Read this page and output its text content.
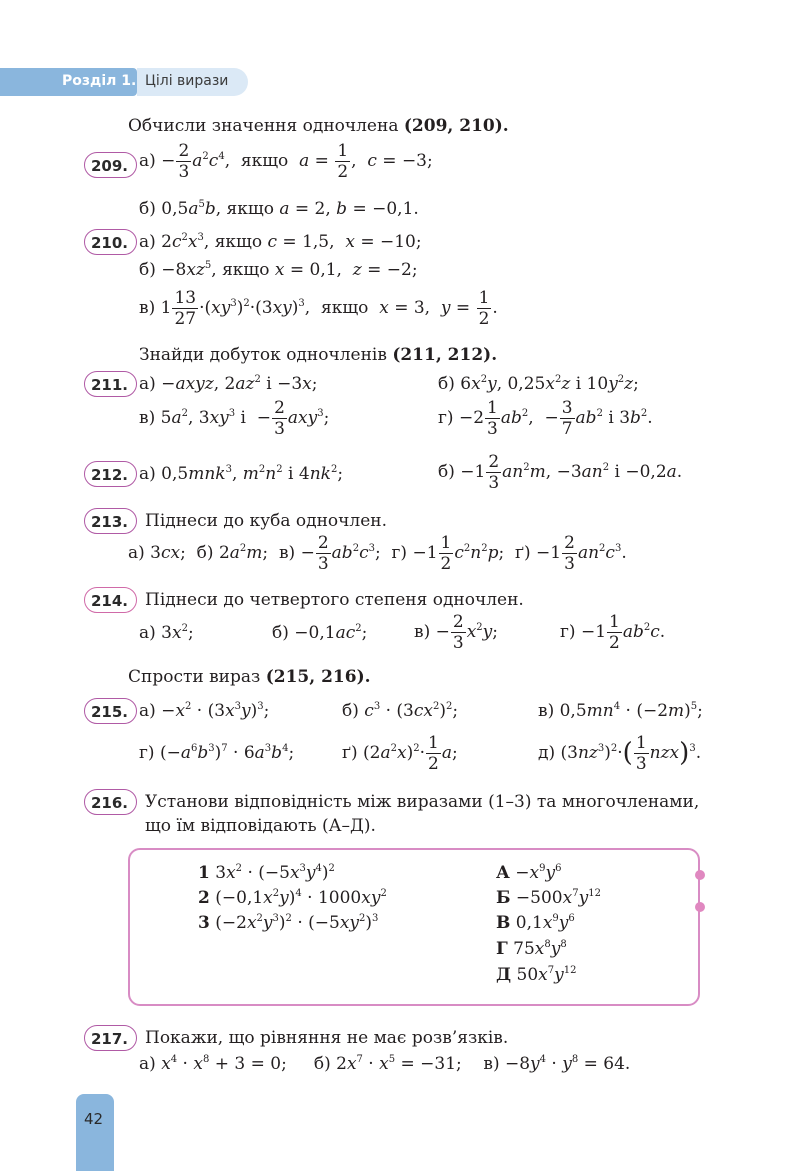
Розділ 1. Цілі вирази
Обчисли значення одночлена (209, 210).
209. $а) - \frac{2}{3} a^2c^4$,  якщо  $a = \frac{1}{2}$ ,  c = −3;
б) $0,5a^5b$, якщо a = 2, b = −0,1.
210. а) $2c^2x^3$, якщо c = 1,5,  x = −10;
$б) -8xz^5$, якщо x = 0,1,  z = −2;
в) $1 \frac{13}{27} \cdot(xy^3)^2\cdot(3xy)^3$,  якщо  x = 3,  $y = \frac{1}{2}$ .
Знайди добуток одночленів (211, 212).
211. а) −axyz, $2az^2$ і −3x;	б) $6x^2y$, $0,25x^2z$ і $10y^2z$;
в) $5a^2$, $3xy^3$ $і - \frac{2}{3} axy^3$;	$г) -2 \frac{1}{3} ab^2$,  − $\frac{3}{7} ab^2$ і $3b^2$.
212. а) 0,5mnk$^3$, $m^2n^2$ і $4nk^2$;	$б) -1 \frac{2}{3} an^2m$, $-3an^2$ і −0,2a.
213. Піднеси до куба одночлен.
а) 3cx;  б) $2a^2m$;  $в) - \frac{2}{3} ab^2c^3$;  $г) -1 \frac{1}{2} c^2n^2p$;  $ґ) -1 \frac{2}{3} an^2c^3$.
214. Піднеси до четвертого степеня одночлен.
а) $3x^2$;	$б) -0,1ac^2$;	$в) - \frac{2}{3} x^2y$;	$г) -1 \frac{1}{2} ab^2c$.
Спрости вираз (215, 216).
215. $а) -x^2 \cdot (3x^3y)^3$;	б) $c^3 \cdot (3cx^2)^2$;	в) $0,5mn^4 \cdot (-2m)^5$;
г) $(-a^6b^3)^7 \cdot 6a^3b^4$;	ґ) $(2a^2x)^2\cdot \frac{1}{2} a$;	д) $(3nz^3)^2\cdot( \frac{1}{3} nzx)^3$.
216. Установи відповідність між виразами (1–3) та многочленами,
що їм відповідають (А–Д).
1 $3x^2 \cdot (-5x^3y^4)^2$
2 $(-0,1x^2y)^4 \cdot 1000xy^2$
3 $(-2x^2y^3)^2 \cdot (-5xy^2)^3$
$А -x^9y^6$
$Б -500x^7y^{12}$
В $0,1x^9y^6$
Г $75x^8y^8$
Д $50x^7y^{12}$
217. Покажи, що рівняння не має розв’язків.
а) $x^4 \cdot x^8 + 3 = 0$;     б) $2x^7 \cdot x^5 = -31$;    $в) -8y^4 \cdot y^8 = 64$.
42
